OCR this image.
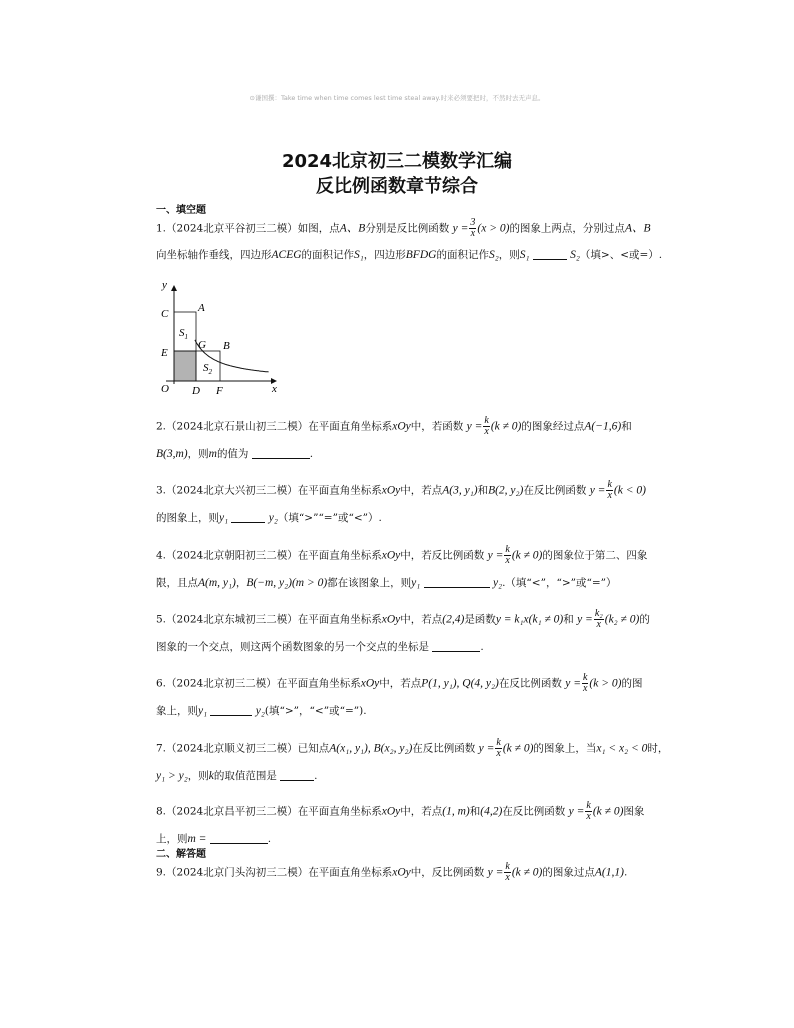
⊙谦国撰：Take time when time comes lest time steal away.时来必须要把时，不然时去无声息。
2024北京初三二模数学汇编
反比例函数章节综合
一、填空题
1.（2024北京平谷初三二模）如图，点A、B分别是反比例函数 $y = \frac{3}{x} (x > 0)$的图象上两点，分别过点A、B
向坐标轴作垂线，四边形ACEG的面积记作S₁，四边形BFDG的面积记作S₂，则S₁	S₂（填>、<或=）.
y
x
A
C
E
G B
O D F
$S_1$
$S_2$
2.（2024北京石景山初三二模）在平面直角坐标系xOy中，若函数 $y = \frac{k}{x} (k \ne 0)$的图象经过点A(−1,6)和
B(3,m)，则m的值为	.
3.（2024北京大兴初三二模）在平面直角坐标系xOy中，若点A(3, y₁)和B(2, y₂)在反比例函数 $y = \frac{k}{x} (k < 0)$
的图象上，则y₁	y₂（填“>”“=”或“<”）.
4.（2024北京朝阳初三二模）在平面直角坐标系xOy中，若反比例函数 $y = \frac{k}{x} (k \ne 0)$的图象位于第二、四象
限，且点A(m, y₁)，B(−m, y₂)(m > 0)都在该图象上，则y₁	y₂.（填“<”，“>”或“=”）
5.（2024北京东城初三二模）在平面直角坐标系xOy中，若点(2,4)是函数y = k₁x(k₁ ≠ 0)和 $y = \frac{\text{k₂}}{x} (k_2 \ne 0)$的
图象的一个交点，则这两个函数图象的另一个交点的坐标是	.
6.（2024北京初三二模）在平面直角坐标系xOy中，若点P(1, y₁), Q(4, y₂)在反比例函数 $y = \frac{k}{x} (k > 0)$的图
象上，则y₁	y₂(填“>”，“<”或“=”).
7.（2024北京顺义初三二模）已知点A(x₁, y₁), B(x₂, y₂)在反比例函数 $y = \frac{k}{x} (k \ne 0)$的图象上，当x₁ < x₂ < 0时，
y₁ > y₂，则k的取值范围是	.
8.（2024北京昌平初三二模）在平面直角坐标系xOy中，若点(1, m)和(4,2)在反比例函数 $y = \frac{k}{x} (k \ne 0)$图象
上，则m =	.
二、解答题
9.（2024北京门头沟初三二模）在平面直角坐标系xOy中，反比例函数 $y = \frac{k}{x} (k \ne 0)$的图象过点A(1,1).
